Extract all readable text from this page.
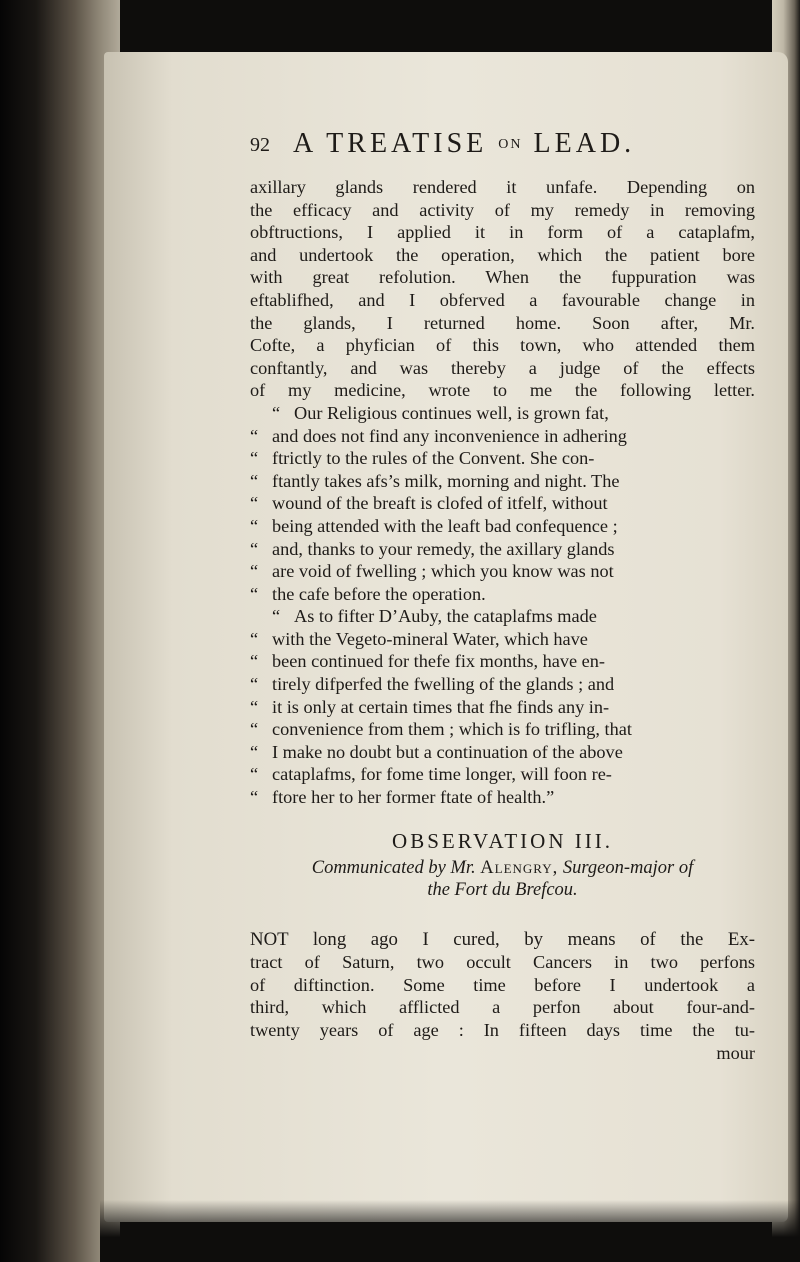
92 A TREATISE ON LEAD.
axillary glands rendered it unfafe. Depending on
the efficacy and activity of my remedy in removing
obftructions, I applied it in form of a cataplafm,
and undertook the operation, which the patient bore
with great refolution. When the fuppuration was
eftablifhed, and I obferved a favourable change in
the glands, I returned home. Soon after, Mr.
Cofte, a phyfician of this town, who attended them
conftantly, and was thereby a judge of the effects
of my medicine, wrote to me the following letter.
“ Our Religious continues well, is grown fat,
“ and does not find any inconvenience in adhering
“ ftrictly to the rules of the Convent. She con-
“ ftantly takes afs’s milk, morning and night. The
“ wound of the breaft is clofed of itfelf, without
“ being attended with the leaft bad confequence ;
“ and, thanks to your remedy, the axillary glands
“ are void of fwelling ; which you know was not
“ the cafe before the operation.
“ As to fifter D’Auby, the cataplafms made
“ with the Vegeto-mineral Water, which have
“ been continued for thefe fix months, have en-
“ tirely difperfed the fwelling of the glands ; and
“ it is only at certain times that fhe finds any in-
“ convenience from them ; which is fo trifling, that
“ I make no doubt but a continuation of the above
“ cataplafms, for fome time longer, will foon re-
“ ftore her to her former ftate of health.”
OBSERVATION III.
Communicated by Mr. Alengry, Surgeon-major of
the Fort du Brefcou.
NOT long ago I cured, by means of the Ex-
tract of Saturn, two occult Cancers in two perfons
of diftinction. Some time before I undertook a
third, which afflicted a perfon about four-and-
twenty years of age : In fifteen days time the tu-
mour
